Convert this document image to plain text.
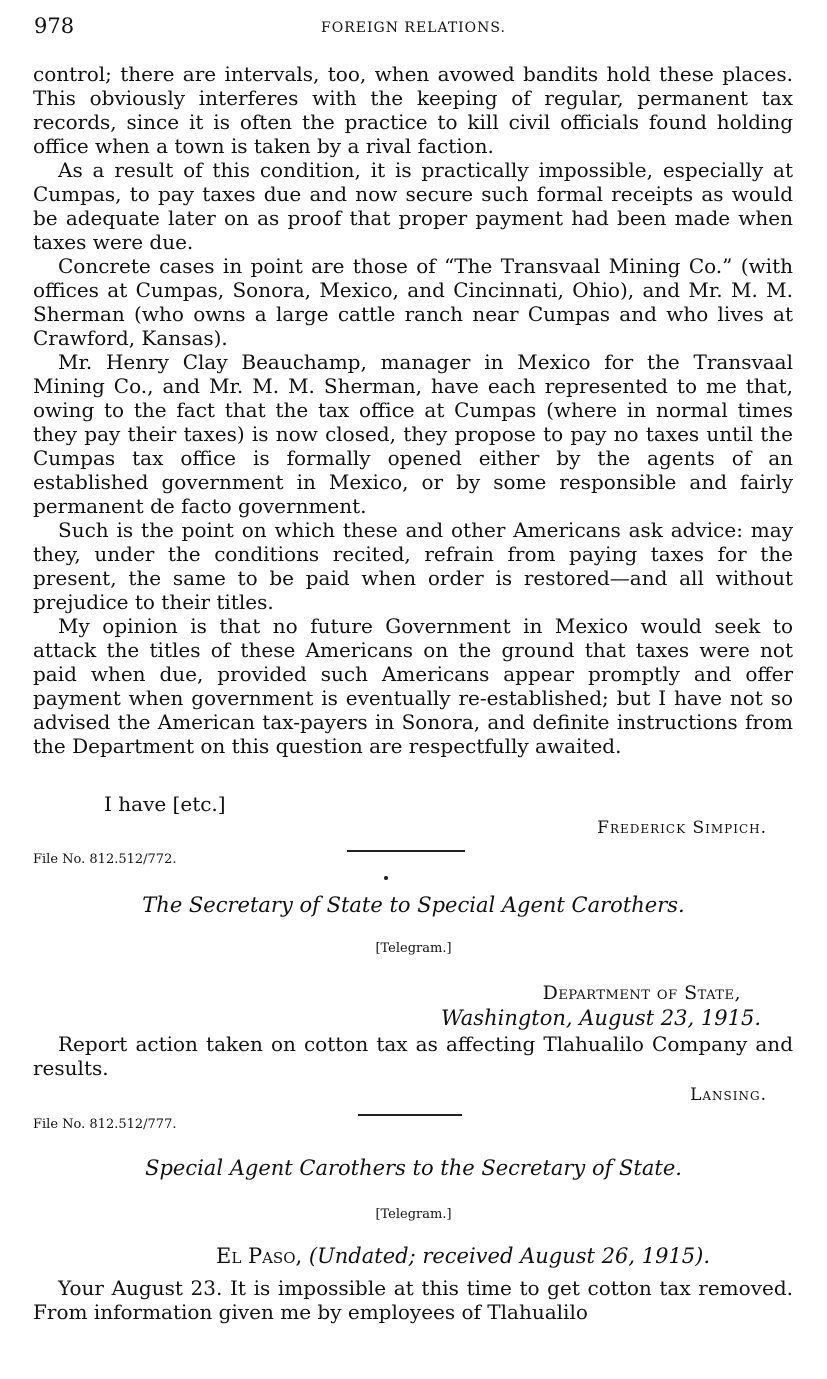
978	FOREIGN RELATIONS.

control; there are intervals, too, when avowed bandits hold these places. This obviously interferes with the keeping of regular, permanent tax records, since it is often the practice to kill civil officials found holding office when a town is taken by a rival faction.

As a result of this condition, it is practically impossible, especially at Cumpas, to pay taxes due and now secure such formal receipts as would be adequate later on as proof that proper payment had been made when taxes were due.

Concrete cases in point are those of “The Transvaal Mining Co.” (with offices at Cumpas, Sonora, Mexico, and Cincinnati, Ohio), and Mr. M. M. Sherman (who owns a large cattle ranch near Cumpas and who lives at Crawford, Kansas).

Mr. Henry Clay Beauchamp, manager in Mexico for the Transvaal Mining Co., and Mr. M. M. Sherman, have each represented to me that, owing to the fact that the tax office at Cumpas (where in normal times they pay their taxes) is now closed, they propose to pay no taxes until the Cumpas tax office is formally opened either by the agents of an established government in Mexico, or by some responsible and fairly permanent de facto government.

Such is the point on which these and other Americans ask advice: may they, under the conditions recited, refrain from paying taxes for the present, the same to be paid when order is restored—and all without prejudice to their titles.

My opinion is that no future Government in Mexico would seek to attack the titles of these Americans on the ground that taxes were not paid when due, provided such Americans appear promptly and offer payment when government is eventually re-established; but I have not so advised the American tax-payers in Sonora, and definite instructions from the Department on this question are respectfully awaited.

I have [etc.]
Frederick Simpich.
File No. 812.512/772.
The Secretary of State to Special Agent Carothers.
[Telegram.]
Department of State,
Washington, August 23, 1915.

Report action taken on cotton tax as affecting Tlahualilo Company and results.

Lansing.
File No. 812.512/777.
Special Agent Carothers to the Secretary of State.
[Telegram.]
El Paso, (Undated; received August 26, 1915).

Your August 23. It is impossible at this time to get cotton tax removed. From information given me by employees of Tlahualilo
